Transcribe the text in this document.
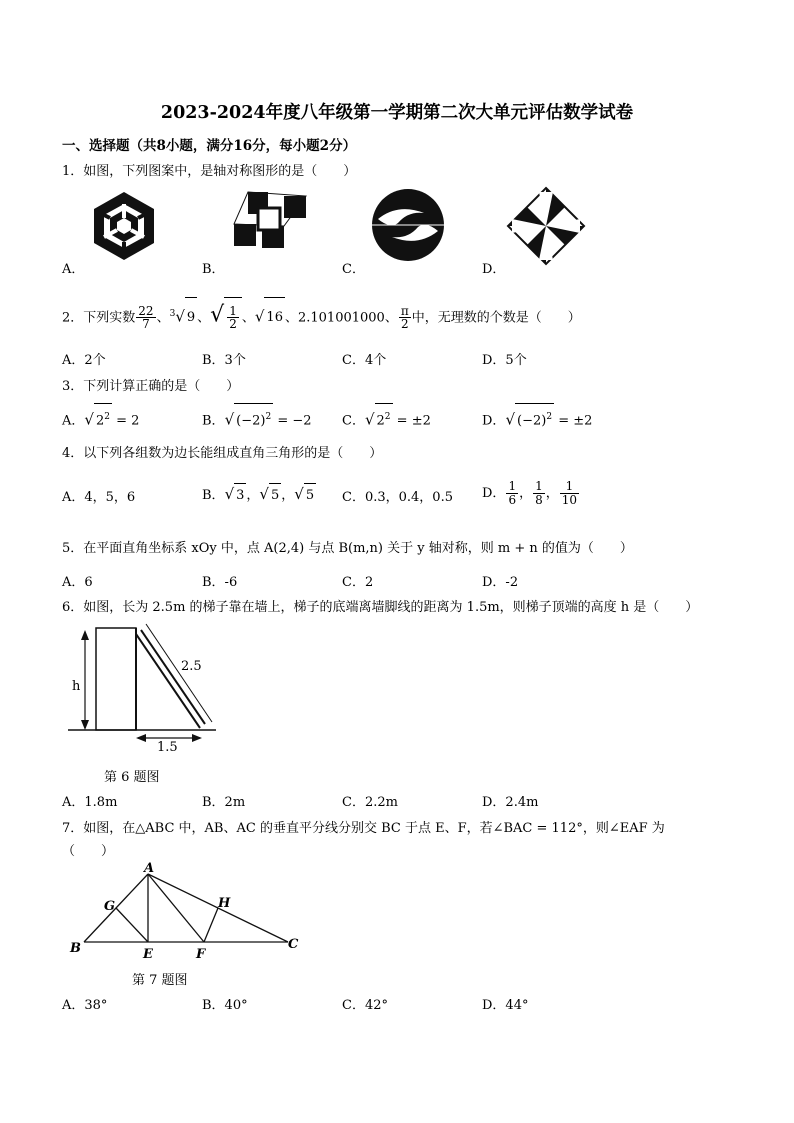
2023-2024年度八年级第一学期第二次大单元评估数学试卷
一、选择题（共8小题，满分16分，每小题2分）
1．如图，下列图案中，是轴对称图形的是（　　）
A．	B．	C．	D．
2．下列实数 $\frac{22}{7}$ 、$^3$√ 9 、√ $\frac{1}{2}$ 、√ 16 、2.101001000、 $\frac{\pi}{2}$ 中，无理数的个数是（　　）
A．2个	B．3个	C．4个	D．5个
3．下列计算正确的是（　　）
A．√ $2^2 = 2$	B．√ $(-2)^2 = -2$ C．√ $2^2 = \pm 2$	D．√ $(-2)^2 = \pm 2$
4．以下列各组数为边长能组成直角三角形的是（　　）
A．4，5，6	B．√ 3 ，√ 5 ，√ 5 C．0.3，0.4，0.5 D． $\frac{1}{6}$ ， $\frac{1}{8}$ ， $\frac{1}{10}$
5．在平面直角坐标系 xOy 中，点 A(2,4) 与点 B(m,n) 关于 y 轴对称，则 m + n 的值为（　　）
A．6	B．-6	C．2	D．-2
6．如图，长为 2.5m 的梯子靠在墙上，梯子的底端离墙脚线的距离为 1.5m，则梯子顶端的高度 h 是（　　）
h
2.5
1.5
第 6 题图
A．1.8m	B．2m	C．2.2m	D．2.4m
7．如图，在△ABC 中，AB、AC 的垂直平分线分别交 BC 于点 E、F，若∠BAC = 112°，则∠EAF 为
（　　）
A
B	C
G	H
E	F
第 7 题图
A．38°	B．40°	C．42°	D．44°
